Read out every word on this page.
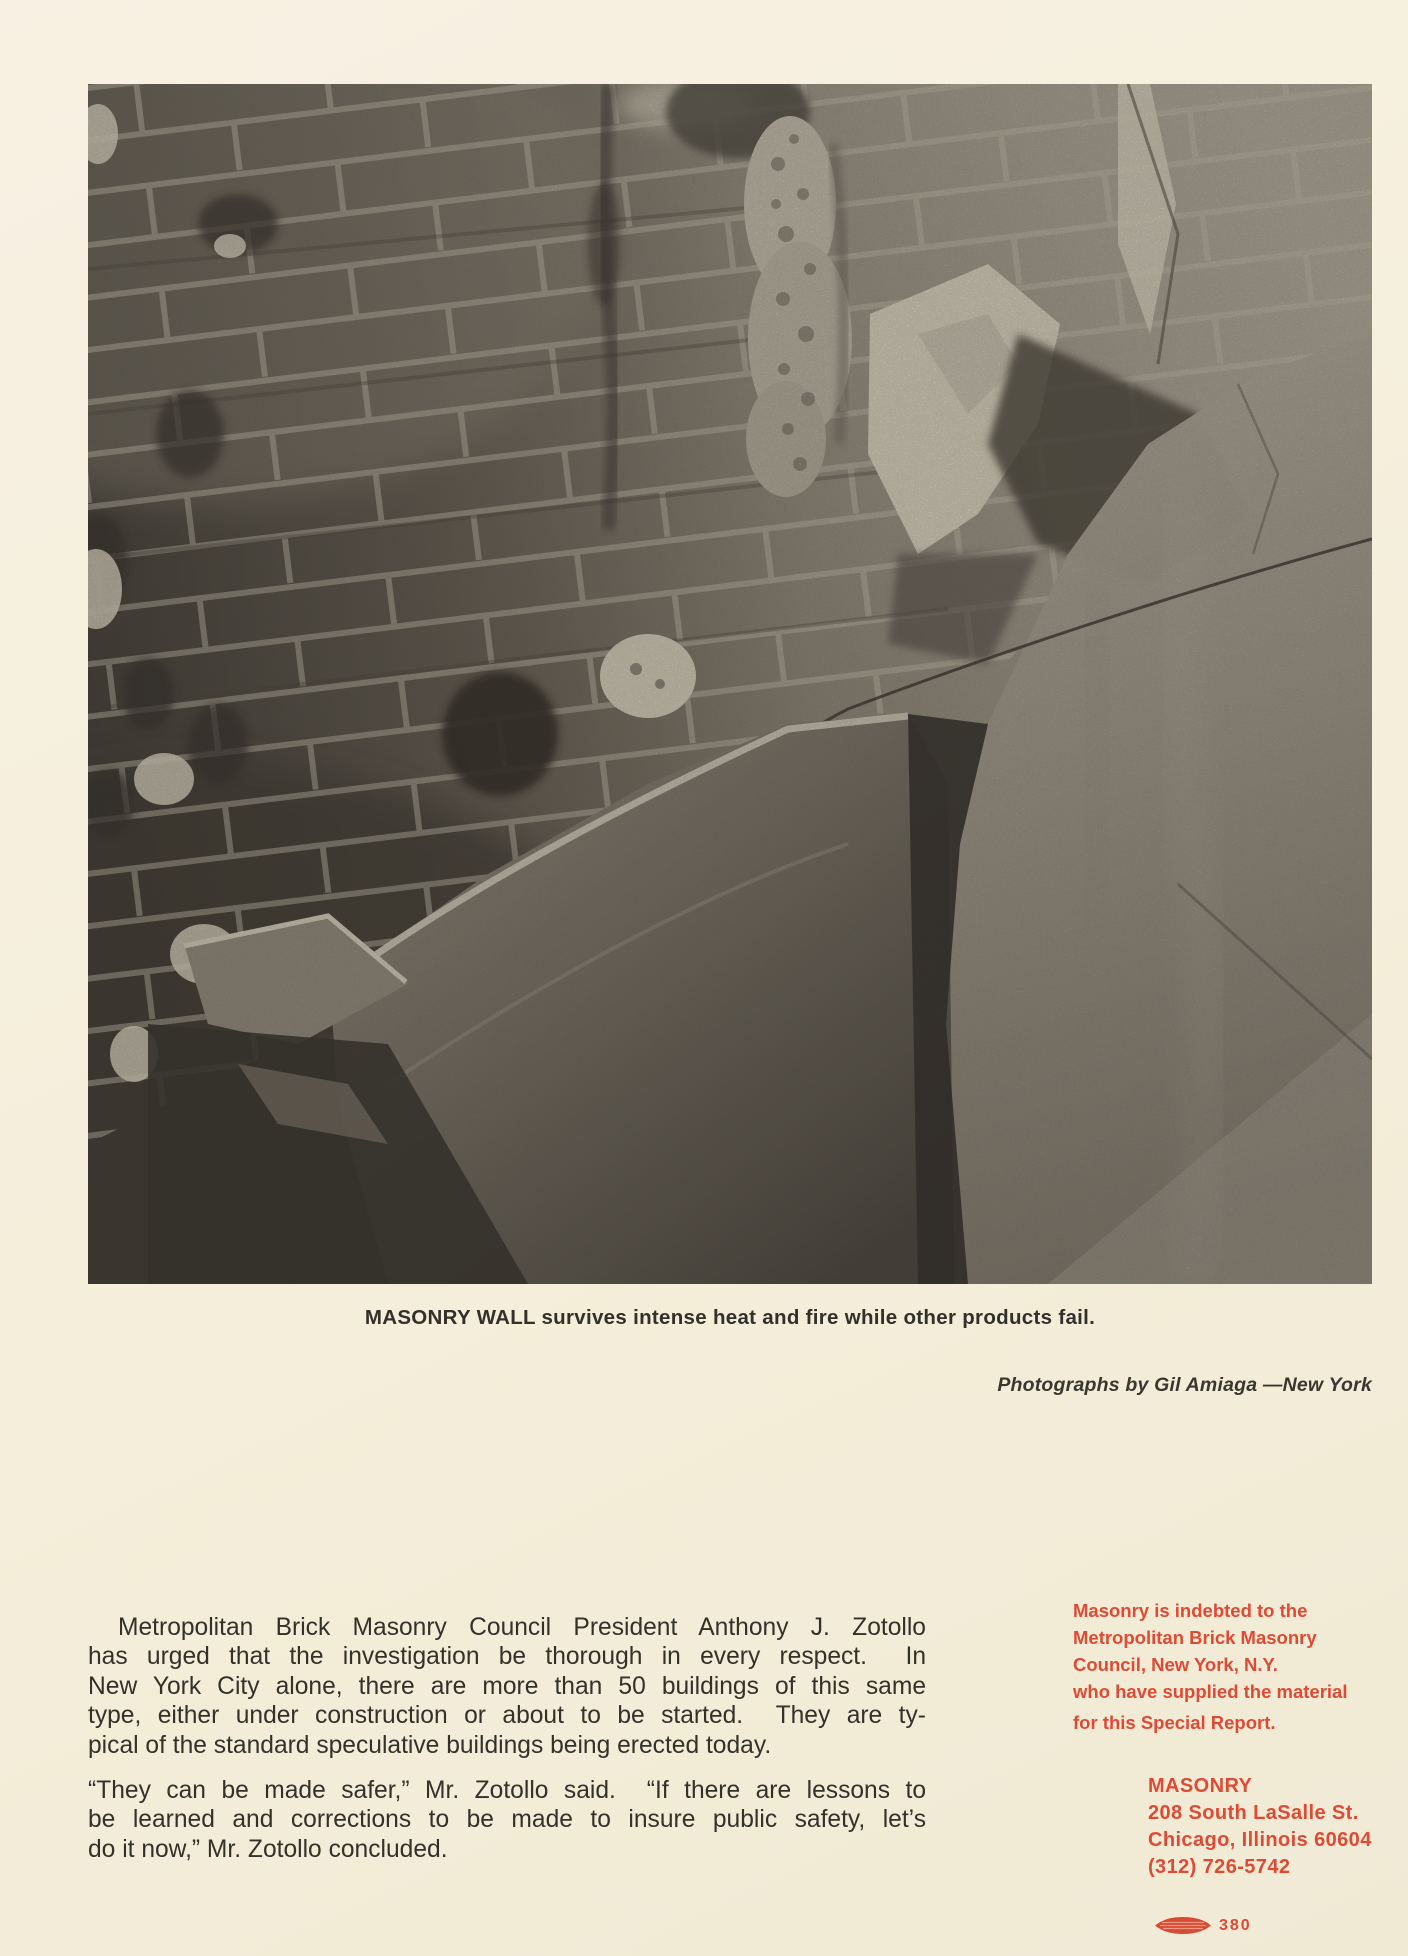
MASONRY WALL survives intense heat and fire while other products fail.
Photographs by Gil Amiaga —New York
Metropolitan Brick Masonry Council President Anthony J. Zotollo
has urged that the investigation be thorough in every respect.  In
New York City alone, there are more than 50 buildings of this same
type, either under construction or about to be started.  They are ty-
pical of the standard speculative buildings being erected today.
“They can be made safer,” Mr. Zotollo said.  “If there are lessons to
be learned and corrections to be made to insure public safety, let’s
do it now,” Mr. Zotollo concluded.
Masonry is indebted to the
Metropolitan Brick Masonry
Council, New York, N.Y.
who have supplied the material
for this Special Report.
MASONRY
208 South LaSalle St.
Chicago, Illinois 60604
(312) 726-5742
380
